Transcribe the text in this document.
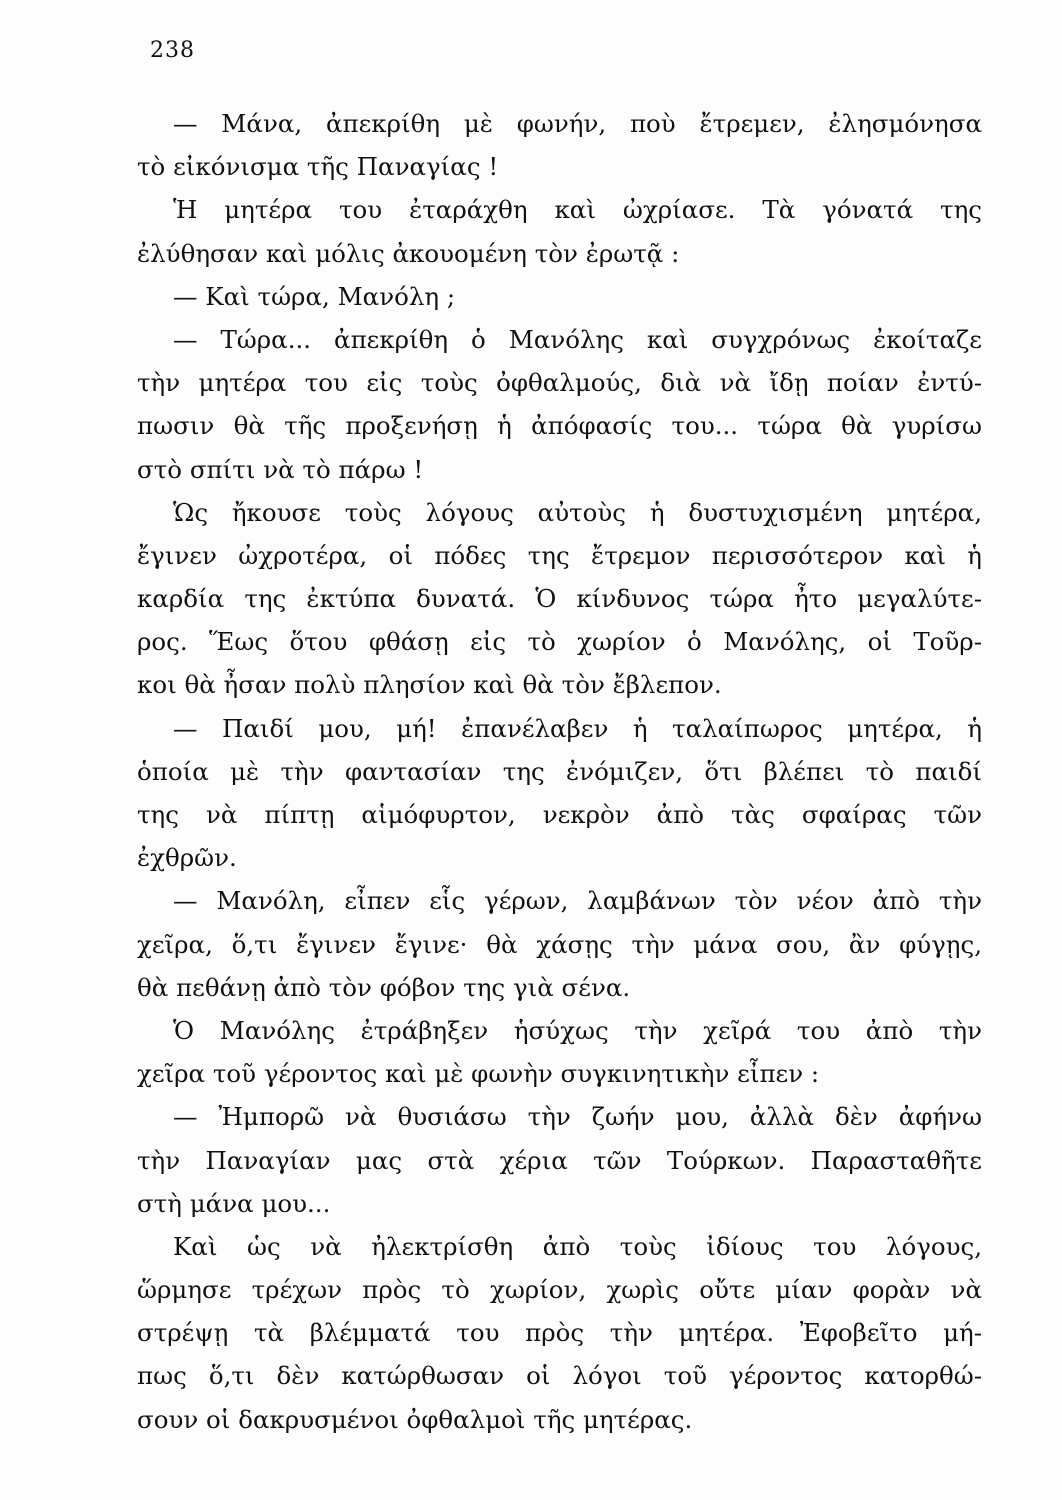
238
— Μάνα, ἀπεκρίθη μὲ φωνήν, ποὺ ἔτρεμεν, ἐλησμόνησα
τὸ εἰκόνισμα τῆς Παναγίας !
Ἡ μητέρα του ἐταράχθη καὶ ὠχρίασε. Τὰ γόνατά της
ἐλύθησαν καὶ μόλις ἀκουομένη τὸν ἐρωτᾷ :
— Καὶ τώρα, Μανόλη ;
— Τώρα... ἀπεκρίθη ὁ Μανόλης καὶ συγχρόνως ἐκοίταζε
τὴν μητέρα του εἰς τοὺς ὀφθαλμούς, διὰ νὰ ἴδῃ ποίαν ἐντύ-
πωσιν θὰ τῆς προξενήσῃ ἡ ἀπόφασίς του... τώρα θὰ γυρίσω
στὸ σπίτι νὰ τὸ πάρω !
Ὡς ἤκουσε τοὺς λόγους αὐτοὺς ἡ δυστυχισμένη μητέρα,
ἔγινεν ὠχροτέρα, οἱ πόδες της ἔτρεμον περισσότερον καὶ ἡ
καρδία της ἐκτύπα δυνατά. Ὁ κίνδυνος τώρα ἦτο μεγαλύτε-
ρος. Ἕως ὅτου φθάσῃ εἰς τὸ χωρίον ὁ Μανόλης, οἱ Τοῦρ-
κοι θὰ ἦσαν πολὺ πλησίον καὶ θὰ τὸν ἔβλεπον.
— Παιδί μου, μή! ἐπανέλαβεν ἡ ταλαίπωρος μητέρα, ἡ
ὁποία μὲ τὴν φαντασίαν της ἐνόμιζεν, ὅτι βλέπει τὸ παιδί
της νὰ πίπτῃ αἱμόφυρτον, νεκρὸν ἀπὸ τὰς σφαίρας τῶν
ἐχθρῶν.
— Μανόλη, εἶπεν εἷς γέρων, λαμβάνων τὸν νέον ἀπὸ τὴν
χεῖρα, ὅ,τι ἔγινεν ἔγινε· θὰ χάσῃς τὴν μάνα σου, ἂν φύγῃς,
θὰ πεθάνῃ ἀπὸ τὸν φόβον της γιὰ σένα.
Ὁ Μανόλης ἐτράβηξεν ἡσύχως τὴν χεῖρά του ἀπὸ τὴν
χεῖρα τοῦ γέροντος καὶ μὲ φωνὴν συγκινητικὴν εἶπεν :
— Ἠμπορῶ νὰ θυσιάσω τὴν ζωήν μου, ἀλλὰ δὲν ἀφήνω
τὴν Παναγίαν μας στὰ χέρια τῶν Τούρκων. Παρασταθῆτε
στὴ μάνα μου...
Καὶ ὡς νὰ ἠλεκτρίσθη ἀπὸ τοὺς ἰδίους του λόγους,
ὥρμησε τρέχων πρὸς τὸ χωρίον, χωρὶς οὔτε μίαν φορὰν νὰ
στρέψῃ τὰ βλέμματά του πρὸς τὴν μητέρα. Ἐφοβεῖτο μή-
πως ὅ,τι δὲν κατώρθωσαν οἱ λόγοι τοῦ γέροντος κατορθώ-
σουν οἱ δακρυσμένοι ὀφθαλμοὶ τῆς μητέρας.
